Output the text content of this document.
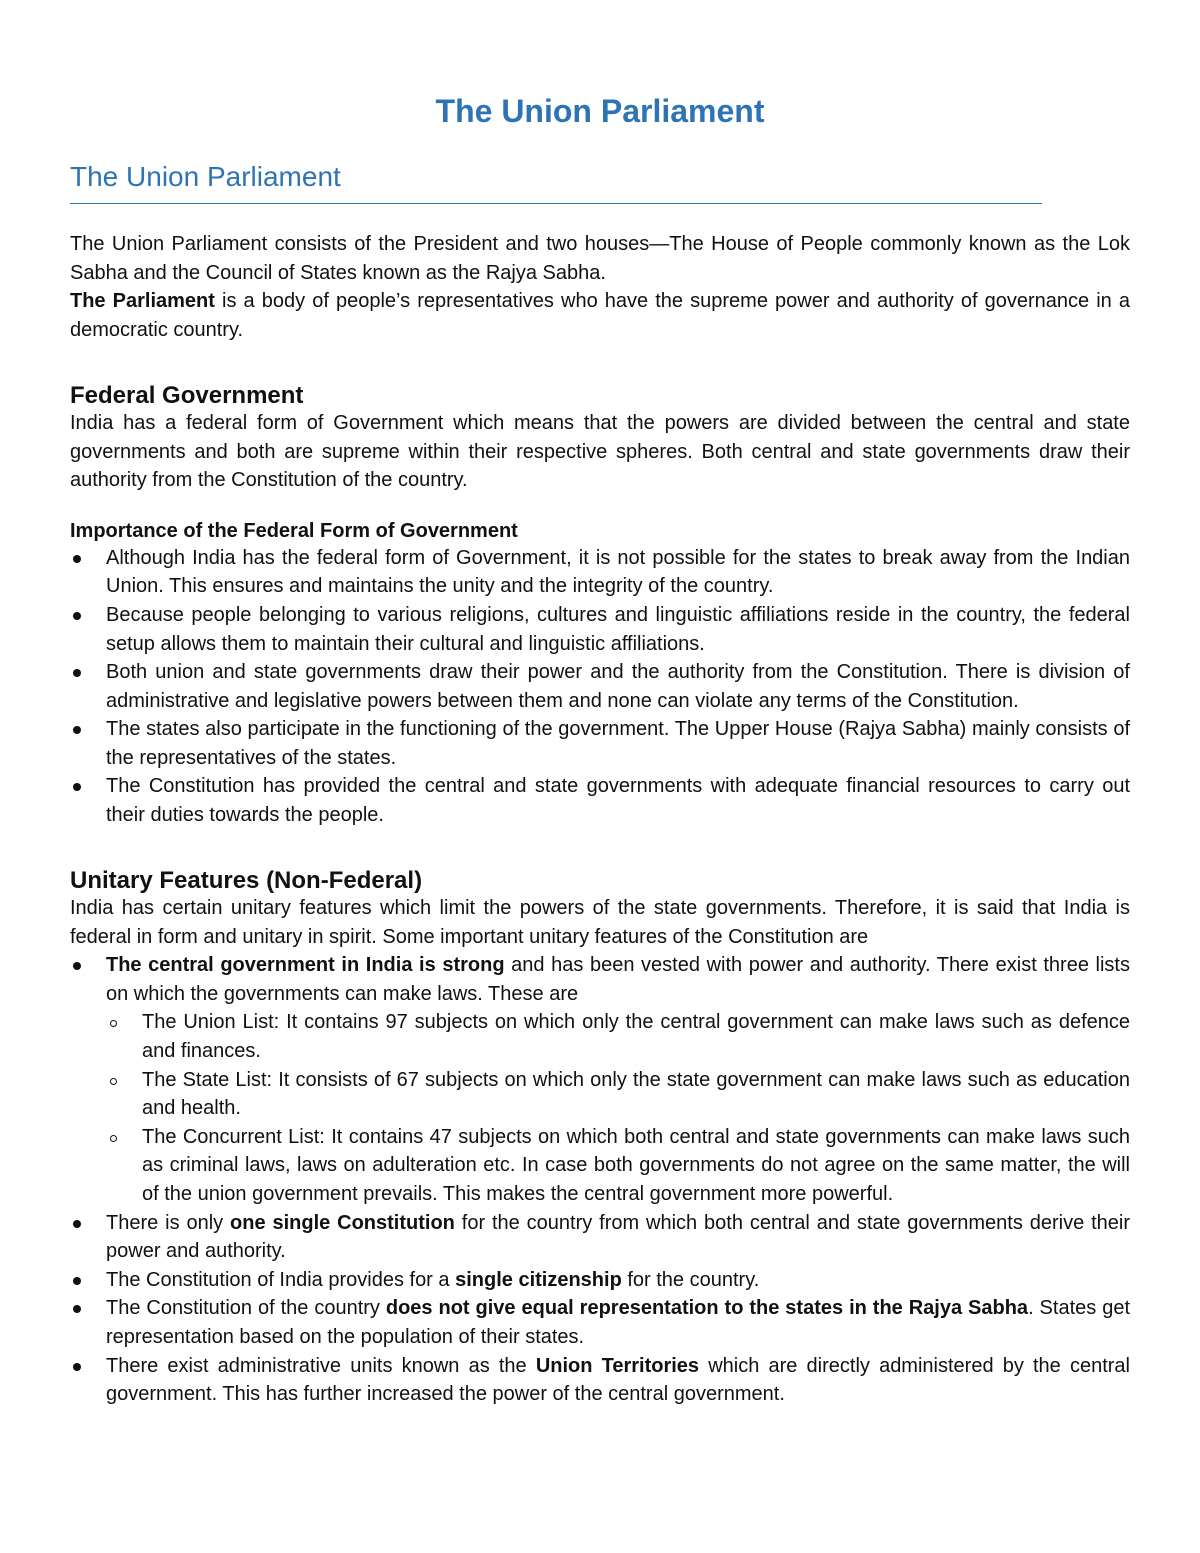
The Union Parliament
The Union Parliament

The Union Parliament consists of the President and two houses—The House of People commonly known as the Lok Sabha and the Council of States known as the Rajya Sabha.

The Parliament is a body of people’s representatives who have the supreme power and authority of governance in a democratic country.

Federal Government

India has a federal form of Government which means that the powers are divided between the central and state governments and both are supreme within their respective spheres. Both central and state governments draw their authority from the Constitution of the country.

Importance of the Federal Form of Government
Although India has the federal form of Government, it is not possible for the states to break away from the Indian Union. This ensures and maintains the unity and the integrity of the country.
Because people belonging to various religions, cultures and linguistic affiliations reside in the country, the federal setup allows them to maintain their cultural and linguistic affiliations.
Both union and state governments draw their power and the authority from the Constitution. There is division of administrative and legislative powers between them and none can violate any terms of the Constitution.
The states also participate in the functioning of the government. The Upper House (Rajya Sabha) mainly consists of the representatives of the states.
The Constitution has provided the central and state governments with adequate financial resources to carry out their duties towards the people.
Unitary Features (Non-Federal)

India has certain unitary features which limit the powers of the state governments. Therefore, it is said that India is federal in form and unitary in spirit. Some important unitary features of the Constitution are

The central government in India is strong and has been vested with power and authority. There exist three lists on which the governments can make laws. These are
The Union List: It contains 97 subjects on which only the central government can make laws such as defence and finances.
The State List: It consists of 67 subjects on which only the state government can make laws such as education and health.
The Concurrent List: It contains 47 subjects on which both central and state governments can make laws such as criminal laws, laws on adulteration etc. In case both governments do not agree on the same matter, the will of the union government prevails. This makes the central government more powerful.
There is only one single Constitution for the country from which both central and state governments derive their power and authority.
The Constitution of India provides for a single citizenship for the country.
The Constitution of the country does not give equal representation to the states in the Rajya Sabha. States get representation based on the population of their states.
There exist administrative units known as the Union Territories which are directly administered by the central government. This has further increased the power of the central government.
